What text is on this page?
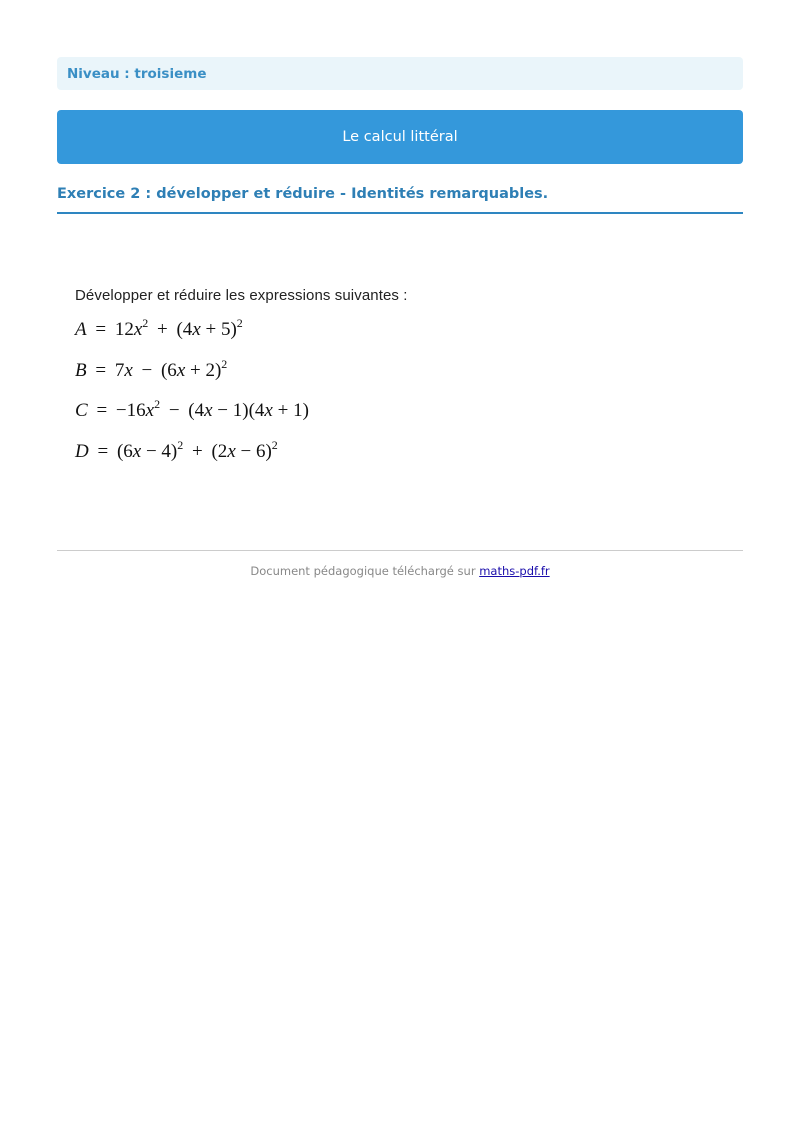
Niveau : troisieme
Le calcul littéral
Exercice 2 : développer et réduire - Identités remarquables.

Développer et réduire les expressions suivantes :

$A = 12x^2 + (4x + 5)^2$
$B = 7x - (6x + 2)^2$
$C = -16x^2 - (4x - 1)(4x + 1)$
$D = (6x - 4)^2 + (2x - 6)^2$
Document pédagogique téléchargé sur maths-pdf.fr
